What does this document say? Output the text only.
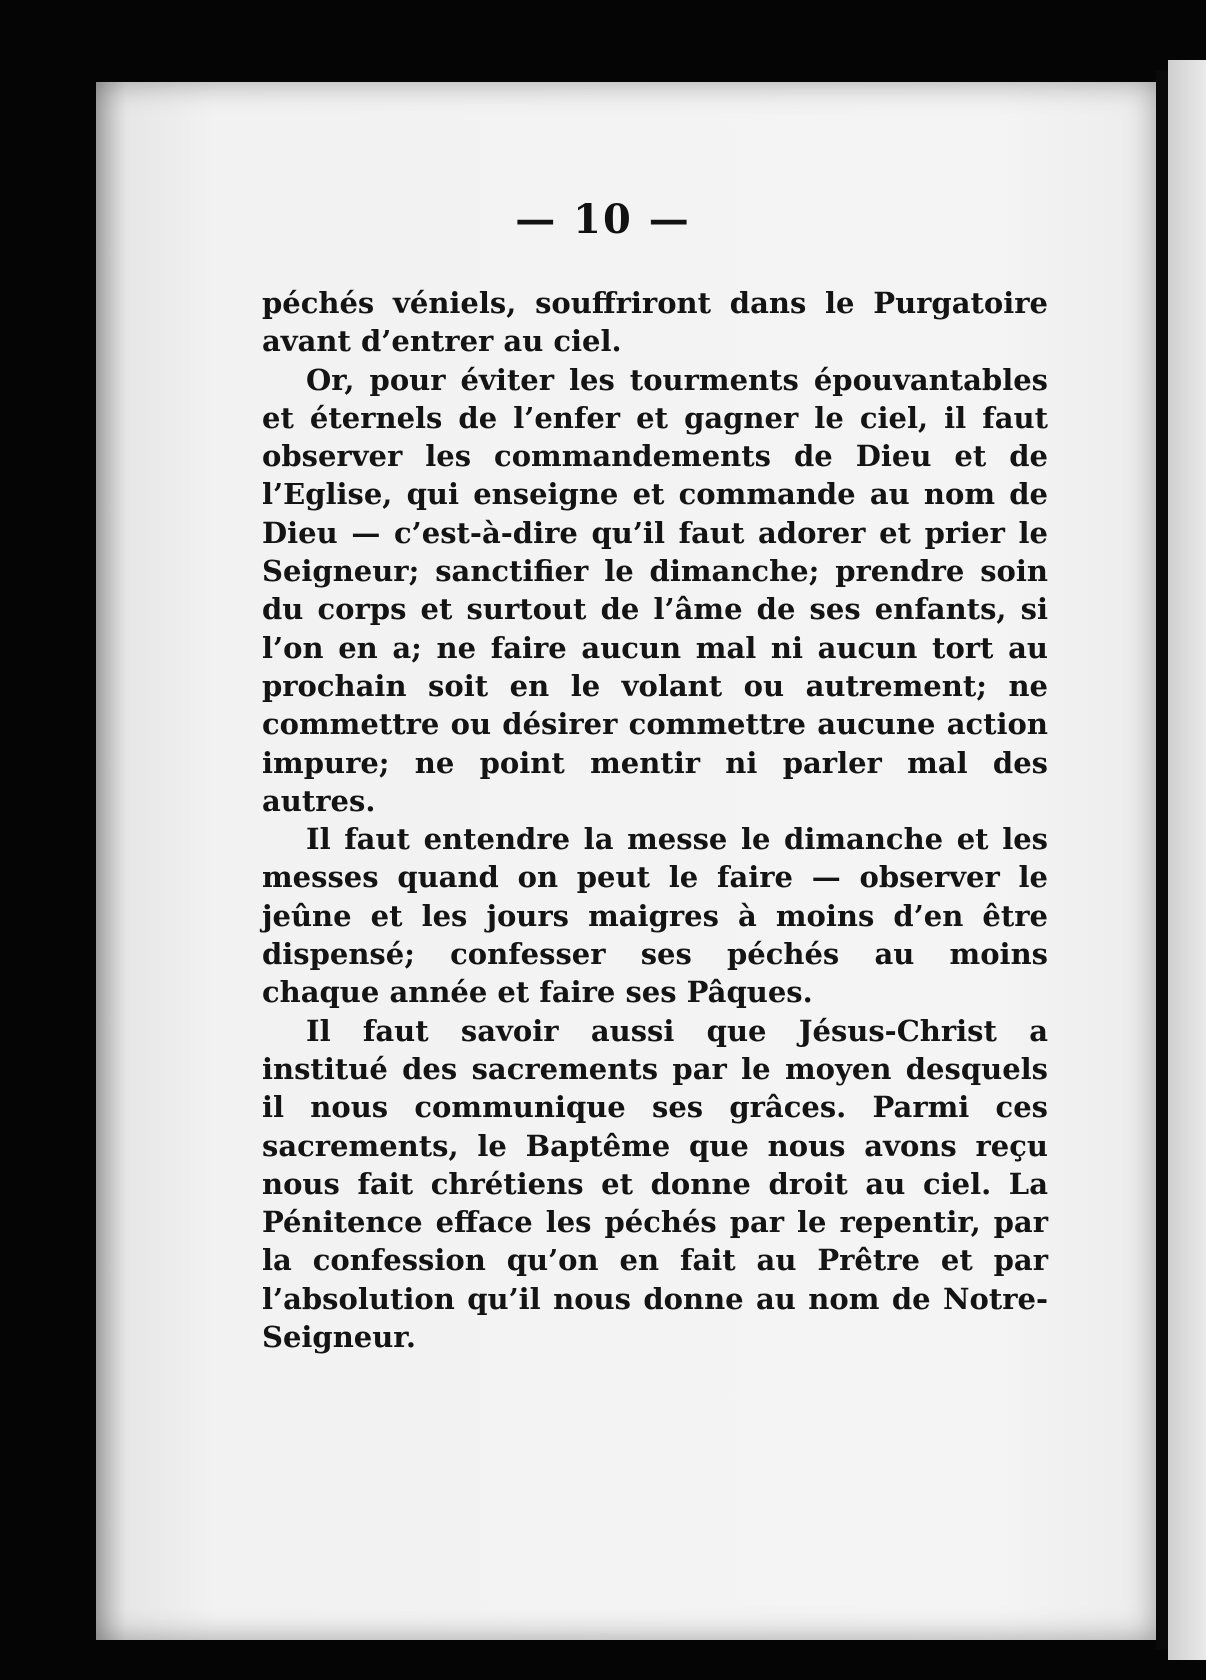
— 10 —

péchés véniels, souffriront dans le Purgatoire avant d’entrer au ciel.

Or, pour éviter les tourments épouvantables et éternels de l’enfer et gagner le ciel, il faut observer les commandements de Dieu et de l’Eglise, qui enseigne et commande au nom de Dieu — c’est-à-dire qu’il faut adorer et prier le Seigneur; sanctifier le dimanche; prendre soin du corps et surtout de l’âme de ses enfants, si l’on en a; ne faire aucun mal ni aucun tort au prochain soit en le volant ou autrement; ne commettre ou désirer commettre aucune action impure; ne point mentir ni parler mal des autres.

Il faut entendre la messe le dimanche et les messes quand on peut le faire — observer le jeûne et les jours maigres à moins d’en être dispensé; confesser ses péchés au moins chaque année et faire ses Pâques.

Il faut savoir aussi que Jésus-Christ a institué des sacrements par le moyen desquels il nous communique ses grâces. Parmi ces sacrements, le Baptême que nous avons reçu nous fait chrétiens et donne droit au ciel. La Pénitence efface les péchés par le repentir, par la confession qu’on en fait au Prêtre et par l’absolution qu’il nous donne au nom de Notre-Seigneur.
